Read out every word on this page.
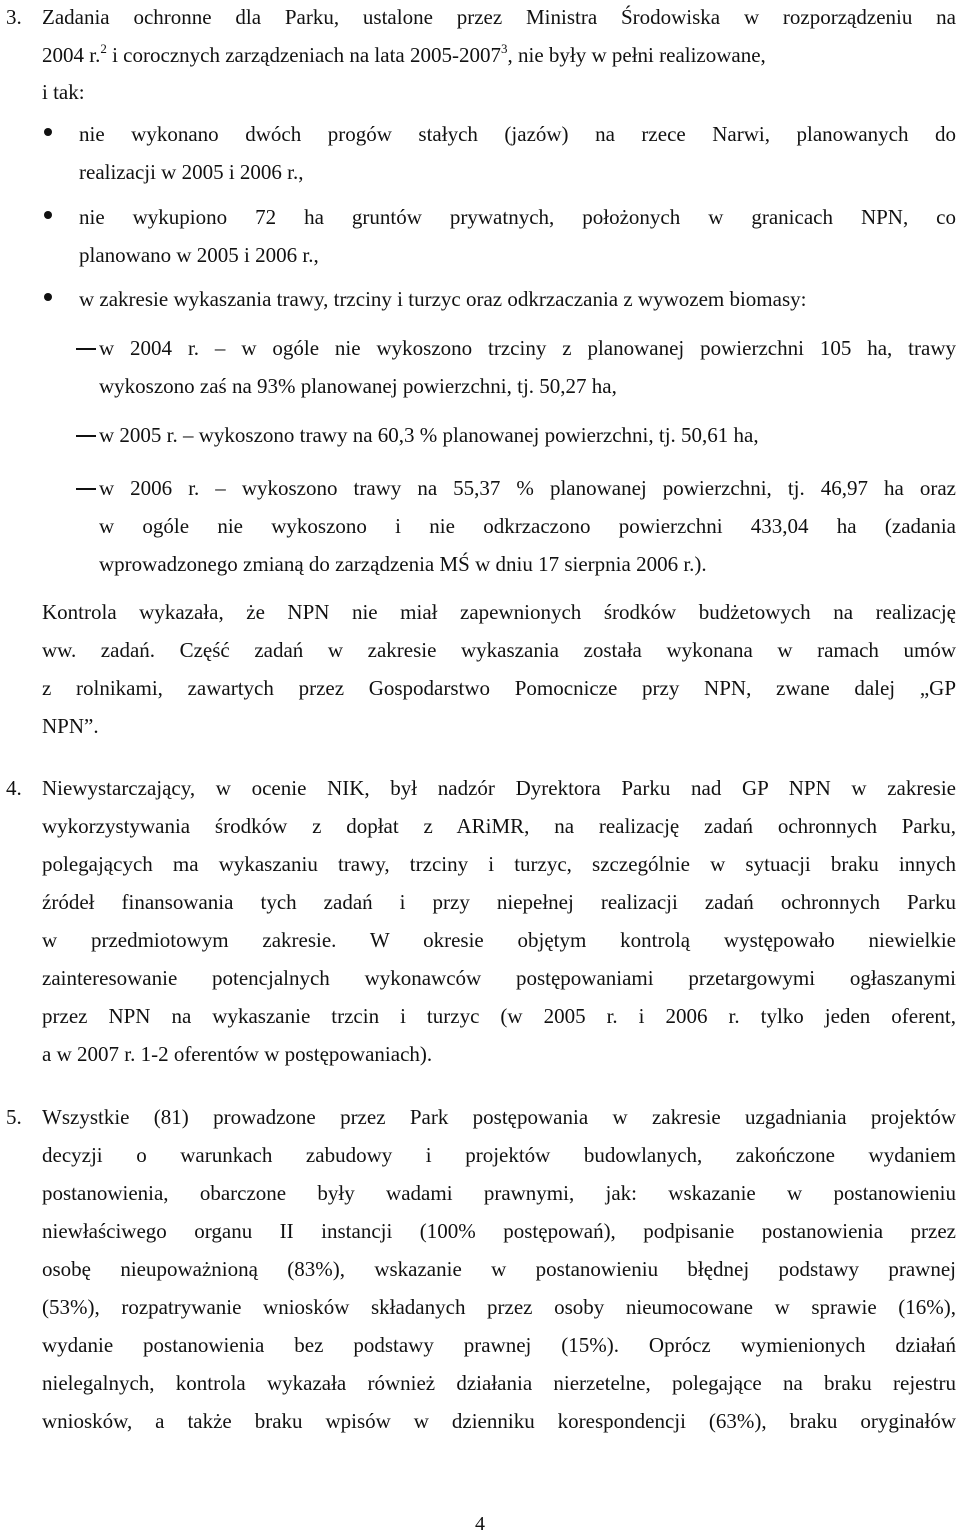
3. Zadania ochronne dla Parku, ustalone przez Ministra Środowiska w rozporządzeniu na
2004 r.$^2$ i corocznych zarządzeniach na lata 2005-2007$^3$, nie były w pełni realizowane,
i tak:
nie wykonano dwóch progów stałych (jazów) na rzece Narwi, planowanych do
realizacji w 2005 i 2006 r.,
nie wykupiono 72 ha gruntów prywatnych, położonych w granicach NPN, co
planowano w 2005 i 2006 r.,
w zakresie wykaszania trawy, trzciny i turzyc oraz odkrzaczania z wywozem biomasy:
w 2004 r. – w ogóle nie wykoszono trzciny z planowanej powierzchni 105 ha, trawy
wykoszono zaś na 93% planowanej powierzchni, tj. 50,27 ha,
w 2005 r. – wykoszono trawy na 60,3 % planowanej powierzchni, tj. 50,61 ha,
w 2006 r. – wykoszono trawy na 55,37 % planowanej powierzchni, tj. 46,97 ha oraz
w ogóle nie wykoszono i nie odkrzaczono powierzchni 433,04 ha (zadania
wprowadzonego zmianą do zarządzenia MŚ w dniu 17 sierpnia 2006 r.).
Kontrola wykazała, że NPN nie miał zapewnionych środków budżetowych na realizację
ww. zadań. Część zadań w zakresie wykaszania została wykonana w ramach umów
z rolnikami, zawartych przez Gospodarstwo Pomocnicze przy NPN, zwane dalej „GP
NPN”.
4. Niewystarczający, w ocenie NIK, był nadzór Dyrektora Parku nad GP NPN w zakresie
wykorzystywania środków z dopłat z ARiMR, na realizację zadań ochronnych Parku,
polegających ma wykaszaniu trawy, trzciny i turzyc, szczególnie w sytuacji braku innych
źródeł finansowania tych zadań i przy niepełnej realizacji zadań ochronnych Parku
w przedmiotowym zakresie. W okresie objętym kontrolą występowało niewielkie
zainteresowanie potencjalnych wykonawców postępowaniami przetargowymi ogłaszanymi
przez NPN na wykaszanie trzcin i turzyc (w 2005 r. i 2006 r. tylko jeden oferent,
a w 2007 r. 1-2 oferentów w postępowaniach).
5. Wszystkie (81) prowadzone przez Park postępowania w zakresie uzgadniania projektów
decyzji o warunkach zabudowy i projektów budowlanych, zakończone wydaniem
postanowienia, obarczone były wadami prawnymi, jak: wskazanie w postanowieniu
niewłaściwego organu II instancji (100% postępowań), podpisanie postanowienia przez
osobę nieupoważnioną (83%), wskazanie w postanowieniu błędnej podstawy prawnej
(53%), rozpatrywanie wniosków składanych przez osoby nieumocowane w sprawie (16%),
wydanie postanowienia bez podstawy prawnej (15%). Oprócz wymienionych działań
nielegalnych, kontrola wykazała również działania nierzetelne, polegające na braku rejestru
wniosków, a także braku wpisów w dzienniku korespondencji (63%), braku oryginałów
4
